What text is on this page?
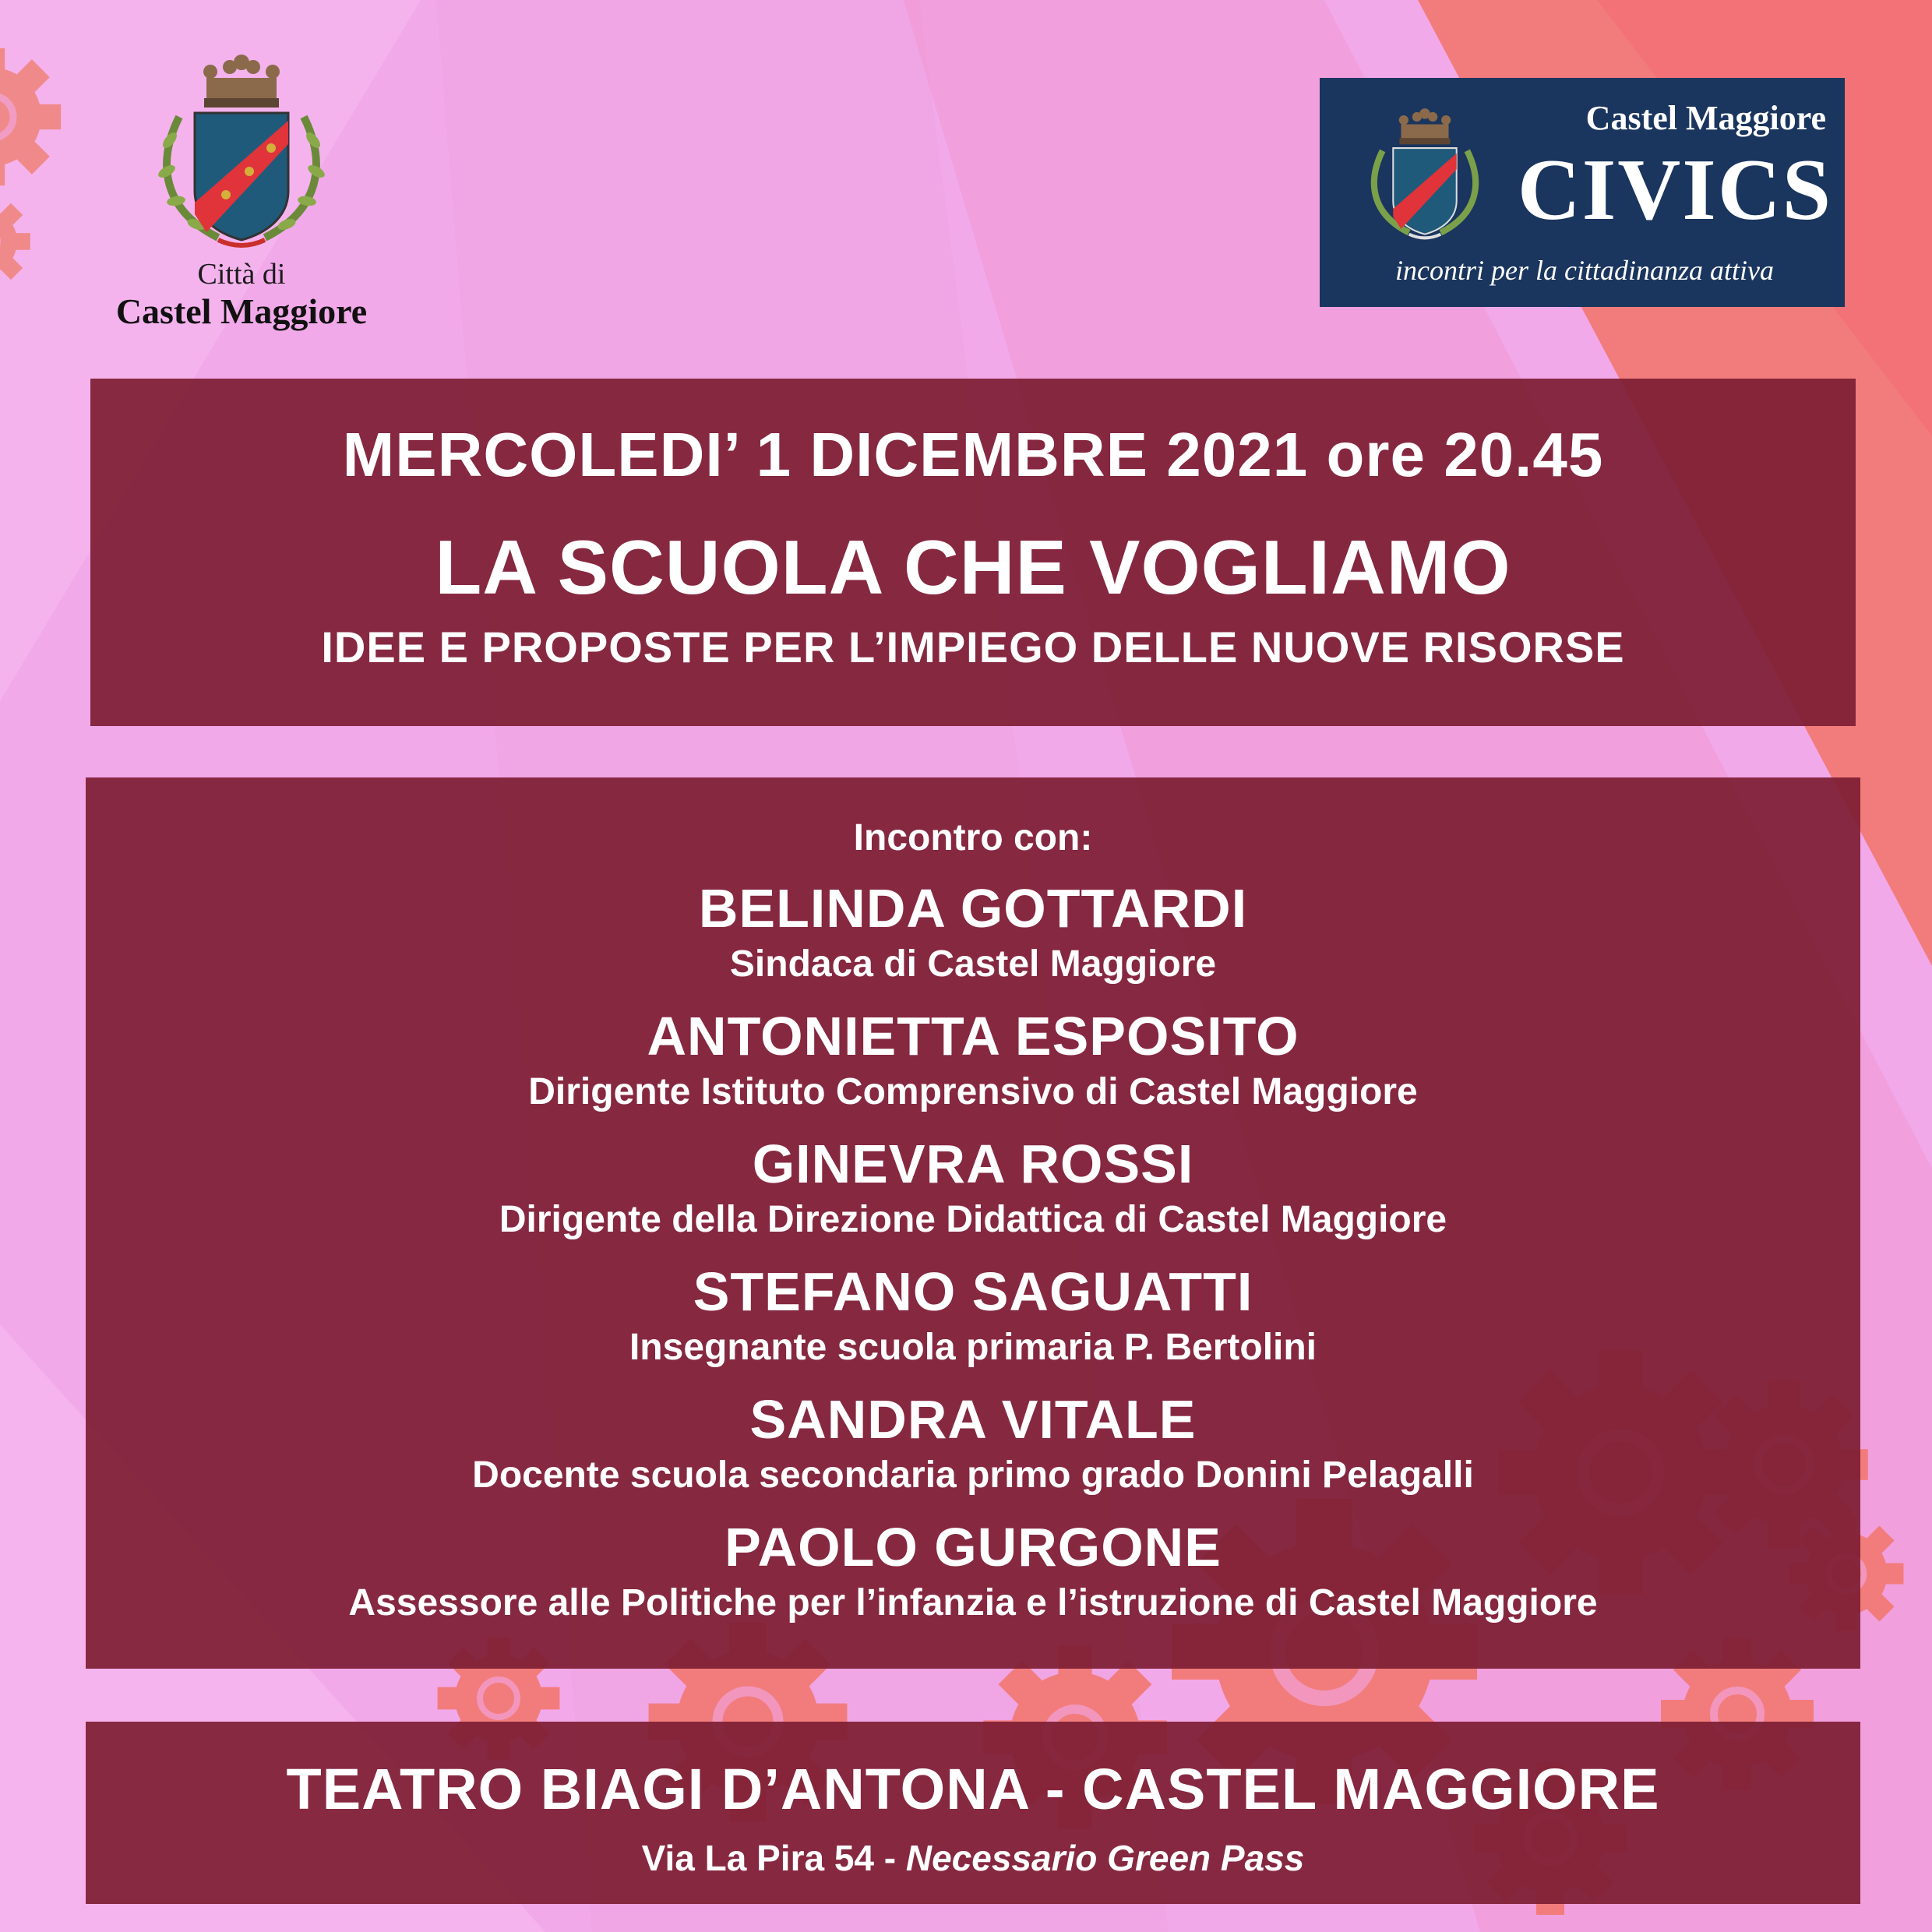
Città di
Castel Maggiore
Castel Maggiore
CIVICS
incontri per la cittadinanza attiva
MERCOLEDI’ 1 DICEMBRE 2021 ore 20.45
LA SCUOLA CHE VOGLIAMO
IDEE E PROPOSTE PER L’IMPIEGO DELLE NUOVE RISORSE
Incontro con:
BELINDA GOTTARDI
Sindaca di Castel Maggiore
ANTONIETTA ESPOSITO
Dirigente Istituto Comprensivo di Castel Maggiore
GINEVRA ROSSI
Dirigente della Direzione Didattica di Castel Maggiore
STEFANO SAGUATTI
Insegnante scuola primaria P. Bertolini
SANDRA VITALE
Docente scuola secondaria primo grado Donini Pelagalli
PAOLO GURGONE
Assessore alle Politiche per l’infanzia e l’istruzione di Castel Maggiore
TEATRO BIAGI D’ANTONA - CASTEL MAGGIORE
Via La Pira 54 - Necessario Green Pass
